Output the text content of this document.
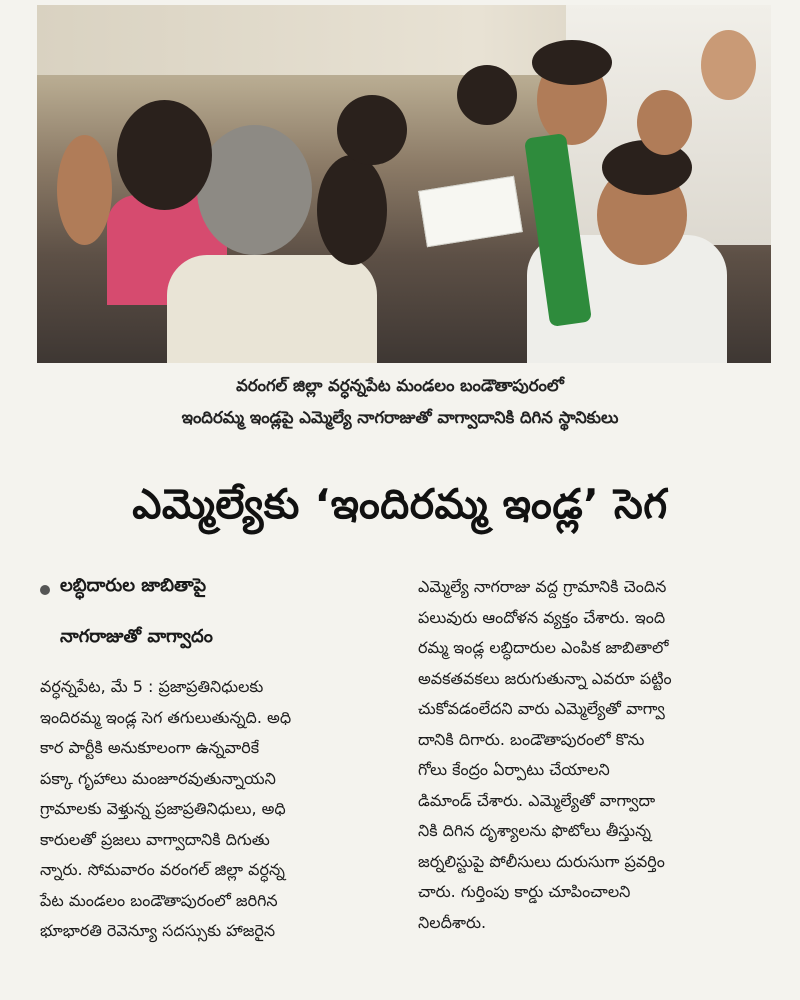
వరంగల్ జిల్లా వర్ధన్నపేట మండలం బండౌతాపురంలో
ఇందిరమ్మ ఇండ్లపై ఎమ్మెల్యే నాగరాజుతో వాగ్వాదానికి దిగిన స్థానికులు
ఎమ్మెల్యేకు ‘ఇందిరమ్మ ఇండ్ల’ సెగ
లబ్ధిదారుల జాబితాపై
నాగరాజుతో వాగ్వాదం

వర్ధన్నపేట, మే 5 : ప్రజాప్రతినిధులకు

ఇందిరమ్మ ఇండ్ల సెగ తగులుతున్నది. అధి

కార పార్టీకి అనుకూలంగా ఉన్నవారికే

పక్కా గృహాలు మంజూరవుతున్నాయని

గ్రామాలకు వెళ్తున్న ప్రజాప్రతినిధులు, అధి

కారులతో ప్రజలు వాగ్వాదానికి దిగుతు

న్నారు. సోమవారం వరంగల్ జిల్లా వర్ధన్న

పేట మండలం బండౌతాపురంలో జరిగిన

భూభారతి రెవెన్యూ సదస్సుకు హాజరైన

ఎమ్మెల్యే నాగరాజు వద్ద గ్రామానికి చెందిన

పలువురు ఆందోళన వ్యక్తం చేశారు. ఇంది

రమ్మ ఇండ్ల లబ్ధిదారుల ఎంపిక జాబితాలో

అవకతవకలు జరుగుతున్నా ఎవరూ పట్టిం

చుకోవడంలేదని వారు ఎమ్మెల్యేతో వాగ్వా

దానికి దిగారు. బండౌతాపురంలో కొను

గోలు కేంద్రం ఏర్పాటు చేయాలని

డిమాండ్ చేశారు. ఎమ్మెల్యేతో వాగ్వాదా

నికి దిగిన దృశ్యాలను ఫొటోలు తీస్తున్న

జర్నలిస్టుపై పోలీసులు దురుసుగా ప్రవర్తిం

చారు. గుర్తింపు కార్డు చూపించాలని

నిలదీశారు.
